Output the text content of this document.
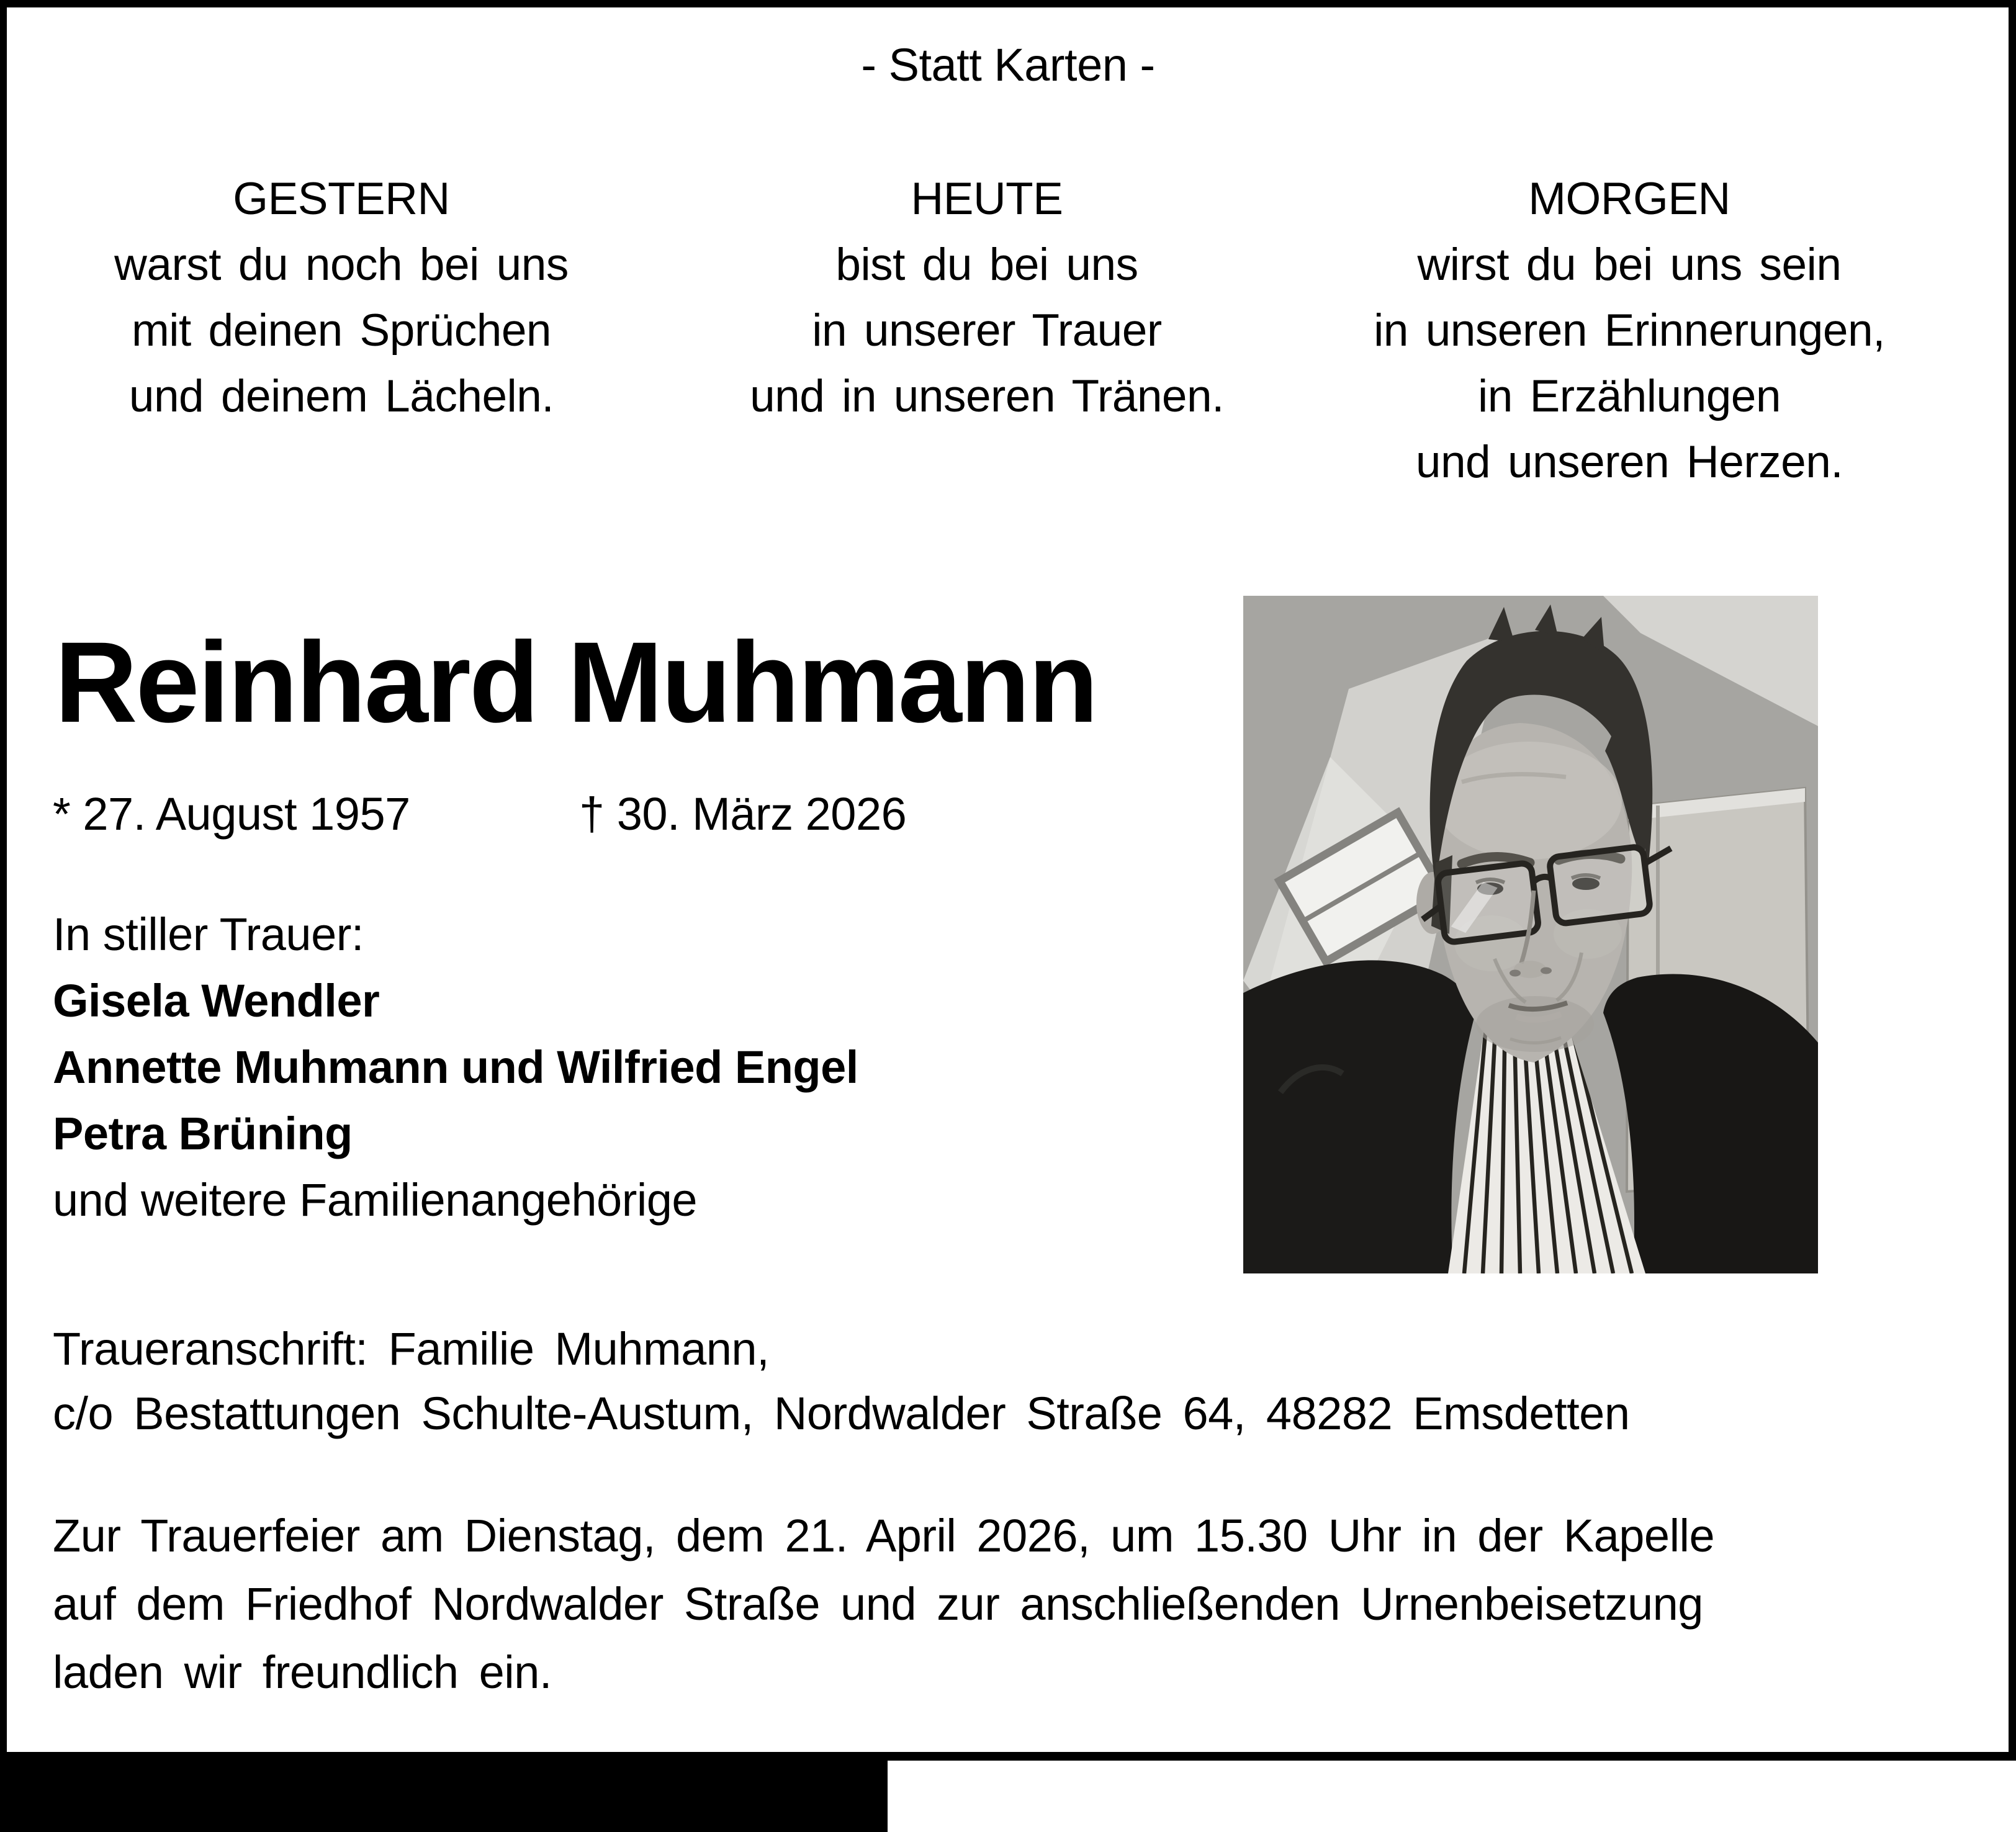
- Statt Karten -
GESTERN
warst du noch bei uns
mit deinen Sprüchen
und deinem Lächeln.
HEUTE
bist du bei uns
in unserer Trauer
und in unseren Tränen.
MORGEN
wirst du bei uns sein
in unseren Erinnerungen,
in Erzählungen
und unseren Herzen.
Reinhard Muhmann
* 27. August 1957	† 30. März 2026
In stiller Trauer:
Gisela Wendler
Annette Muhmann und Wilfried Engel
Petra Brüning
und weitere Familienangehörige
Traueranschrift: Familie Muhmann,
c/o Bestattungen Schulte-Austum, Nordwalder Straße 64, 48282 Emsdetten
Zur Trauerfeier am Dienstag, dem 21. April 2026, um 15.30 Uhr in der Kapelle
auf dem Friedhof Nordwalder Straße und zur anschließenden Urnenbeisetzung
laden wir freundlich ein.
